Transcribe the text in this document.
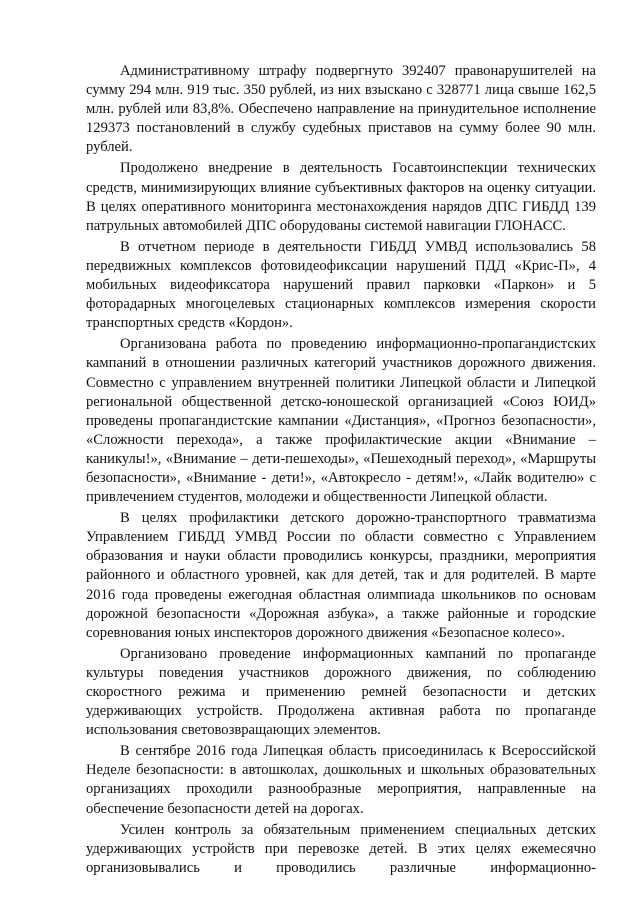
Административному штрафу подвергнуто 392407 правонарушителей на сумму 294 млн. 919 тыс. 350 рублей, из них взыскано с 328771 лица свыше 162,5 млн. рублей или 83,8%. Обеспечено направление на принудительное исполнение 129373 постановлений в службу судебных приставов на сумму более 90 млн. рублей.

Продолжено внедрение в деятельность Госавтоинспекции технических средств, минимизирующих влияние субъективных факторов на оценку ситуации. В целях оперативного мониторинга местонахождения нарядов ДПС ГИБДД 139 патрульных автомобилей ДПС оборудованы системой навигации ГЛОНАСС.

В отчетном периоде в деятельности ГИБДД УМВД использовались 58 передвижных комплексов фотовидеофиксации нарушений ПДД «Крис-П», 4 мобильных видеофиксатора нарушений правил парковки «Паркон» и 5 фоторадарных многоцелевых стационарных комплексов измерения скорости транспортных средств «Кордон».

Организована работа по проведению информационно-пропагандистских кампаний в отношении различных категорий участников дорожного движения. Совместно с управлением внутренней политики Липецкой области и Липецкой региональной общественной детско-юношеской организацией «Союз ЮИД» проведены пропагандистские кампании «Дистанция», «Прогноз безопасности», «Сложности перехода», а также профилактические акции «Внимание – каникулы!», «Внимание – дети-пешеходы», «Пешеходный переход», «Маршруты безопасности», «Внимание - дети!», «Автокресло - детям!», «Лайк водителю» с привлечением студентов, молодежи и общественности Липецкой области.

В целях профилактики детского дорожно-транспортного травматизма Управлением ГИБДД УМВД России по области совместно с Управлением образования и науки области проводились конкурсы, праздники, мероприятия районного и областного уровней, как для детей, так и для родителей. В марте 2016 года проведены ежегодная областная олимпиада школьников по основам дорожной безопасности «Дорожная азбука», а также районные и городские соревнования юных инспекторов дорожного движения «Безопасное колесо».

Организовано проведение информационных кампаний по пропаганде культуры поведения участников дорожного движения, по соблюдению скоростного режима и применению ремней безопасности и детских удерживающих устройств. Продолжена активная работа по пропаганде использования световозвращающих элементов.

В сентябре 2016 года Липецкая область присоединилась к Всероссийской Неделе безопасности: в автошколах, дошкольных и школьных образовательных организациях проходили разнообразные мероприятия, направленные на обеспечение безопасности детей на дорогах.

Усилен контроль за обязательным применением специальных детских удерживающих устройств при перевозке детей. В этих целях ежемесячно организовывались и проводились различные информационно-
